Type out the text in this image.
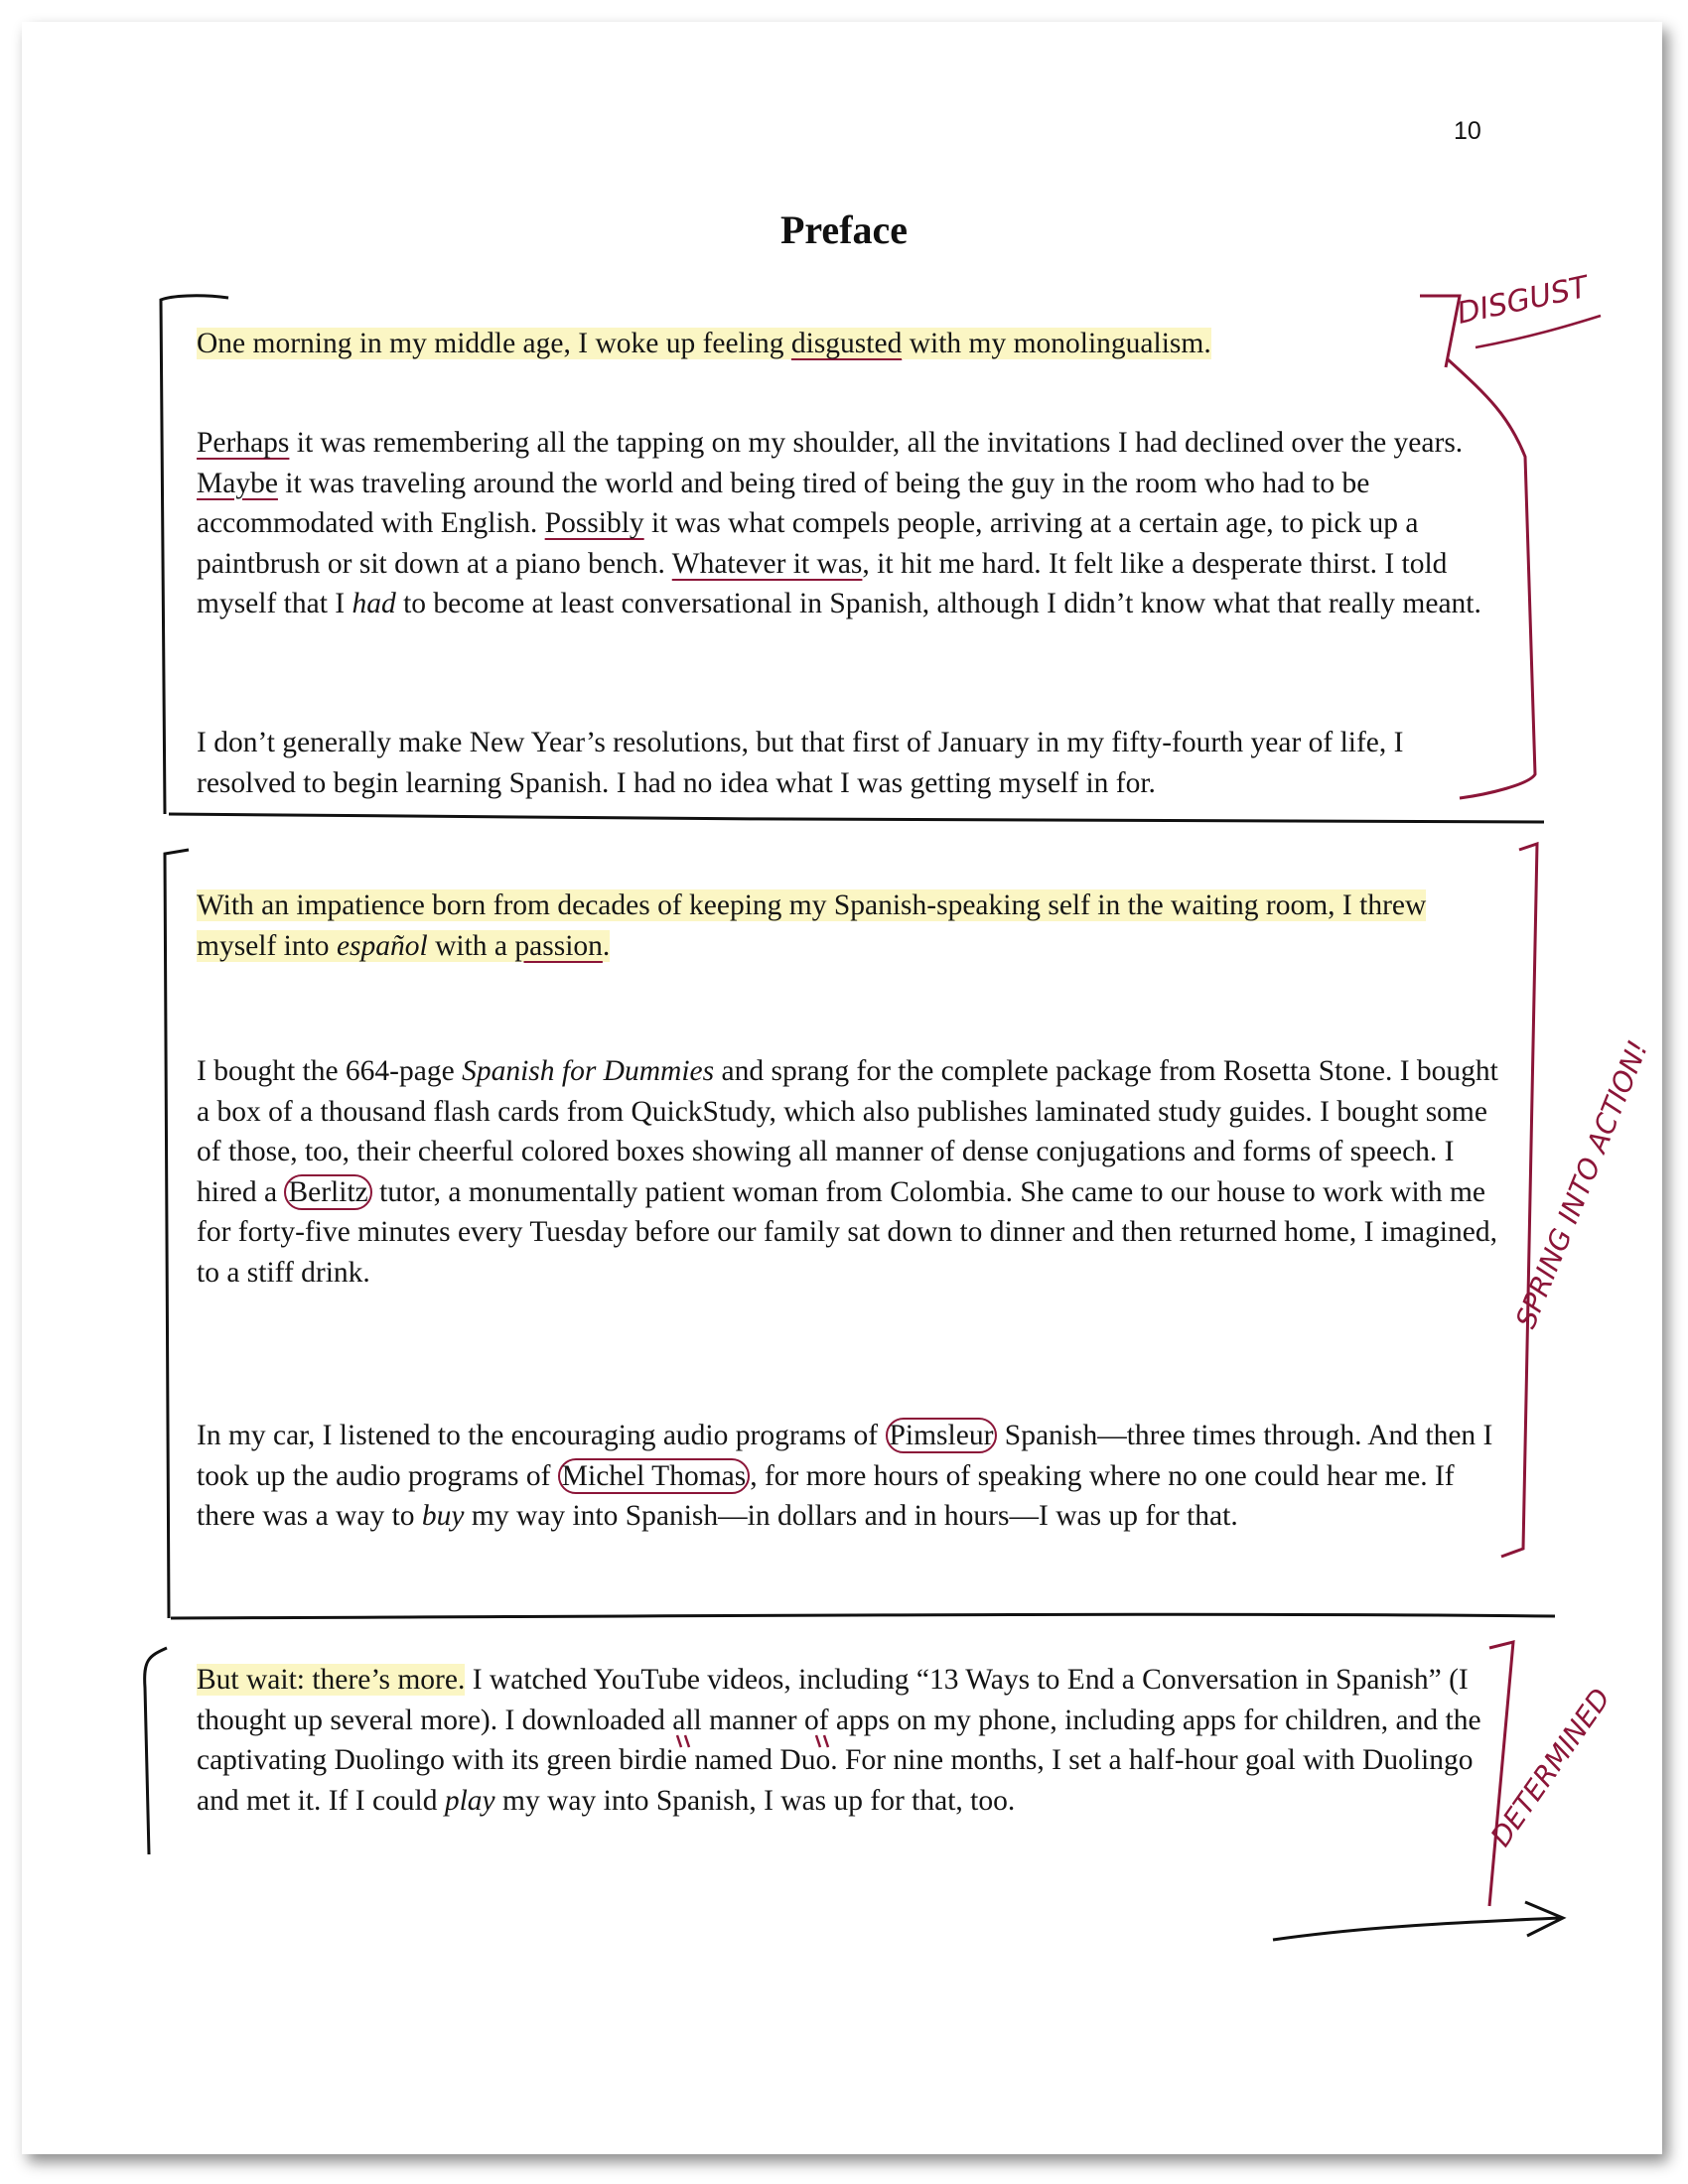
10
Preface

One morning in my middle age, I woke up feeling disgusted with my monolingualism.

Perhaps it was remembering all the tapping on my shoulder, all the invitations I had declined over the years. Maybe it was traveling around the world and being tired of being the guy in the room who had to be accommodated with English. Possibly it was what compels people, arriving at a certain age, to pick up a paintbrush or sit down at a piano bench. Whatever it was, it hit me hard. It felt like a desperate thirst. I told myself that I had to become at least conversational in Spanish, although I didn’t know what that really meant.

I don’t generally make New Year’s resolutions, but that first of January in my fifty-fourth year of life, I resolved to begin learning Spanish. I had no idea what I was getting myself in for.

With an impatience born from decades of keeping my Spanish-speaking self in the waiting room, I threw myself into español with a passion.

I bought the 664-page Spanish for Dummies and sprang for the complete package from Rosetta Stone. I bought a box of a thousand flash cards from QuickStudy, which also publishes laminated study guides. I bought some of those, too, their cheerful colored boxes showing all manner of dense conjugations and forms of speech. I hired a Berlitz tutor, a monumentally patient woman from Colombia. She came to our house to work with me for forty-five minutes every Tuesday before our family sat down to dinner and then returned home, I imagined, to a stiff drink.

In my car, I listened to the encouraging audio programs of Pimsleur Spanish—three times through. And then I took up the audio programs of Michel Thomas , for more hours of speaking where no one could hear me. If there was a way to buy my way into Spanish—in dollars and in hours—I was up for that.

But wait: there’s more. I watched YouTube videos, including “13 Ways to End a Conversation in Spanish” (I thought up several more). I downloaded all manner of apps on my phone, including apps for children, and the captivating Duolingo with its green birdie named Duo. For nine months, I set a half-hour goal with Duolingo and met it. If I could play my way into Spanish, I was up for that, too.

DISGUST
SPRING INTO ACTION!
DETERMINED
